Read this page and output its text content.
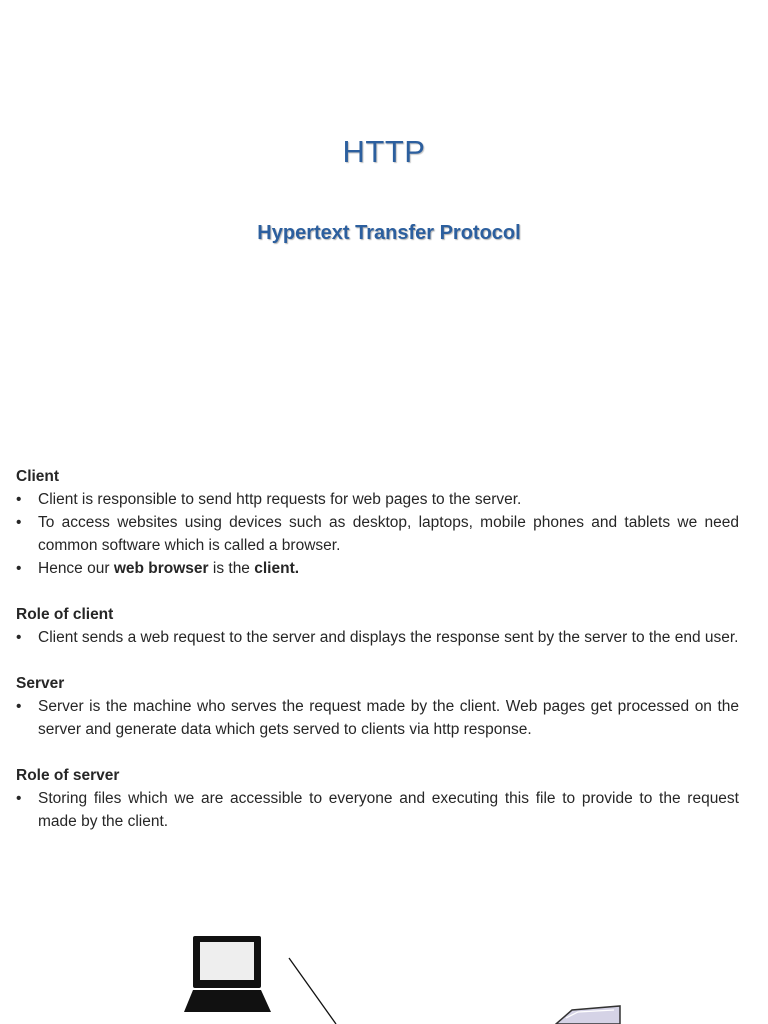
HTTP
Hypertext Transfer Protocol
Client
• Client is responsible to send http requests for web pages to the server.
• To access websites using devices such as desktop, laptops, mobile phones and tablets we need common software which is called a browser.
• Hence our web browser is the client.
Role of client
• Client sends a web request to the server and displays the response sent by the server to the end user.
Server
• Server is the machine who serves the request made by the client. Web pages get processed on the server and generate data which gets served to clients via http response.
Role of server
• Storing files which we are accessible to everyone and executing this file to provide to the request made by the client.
